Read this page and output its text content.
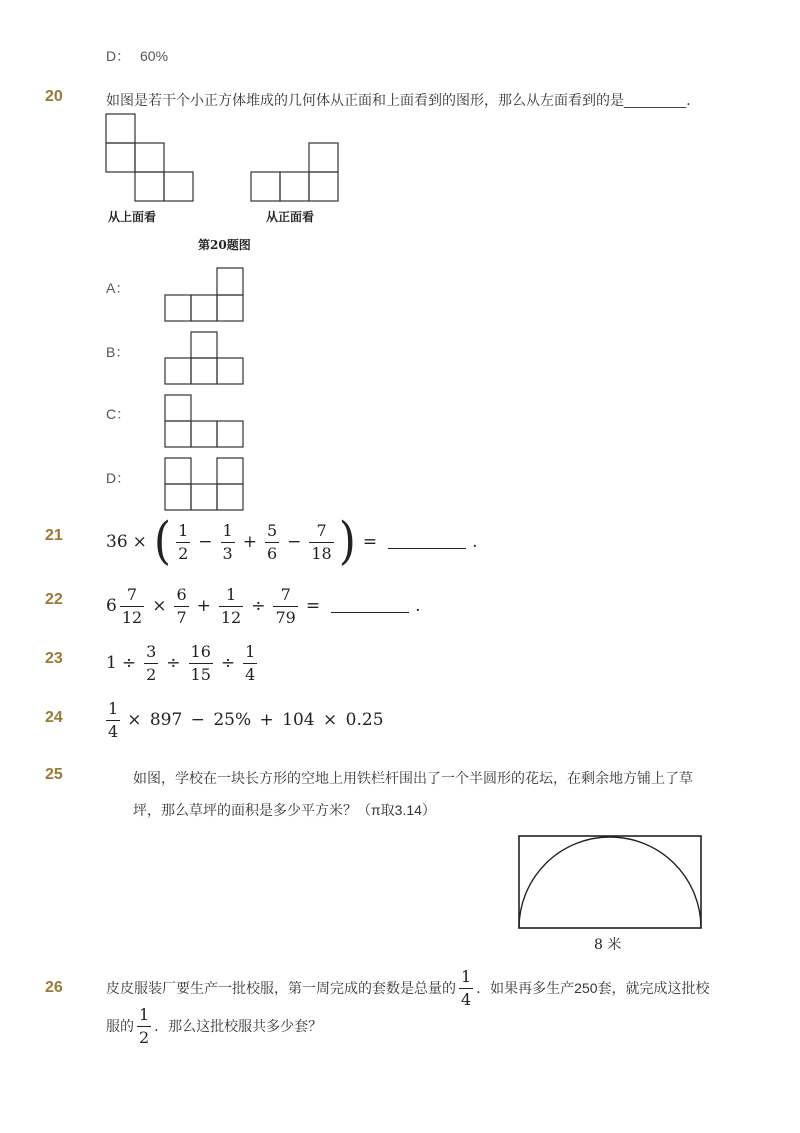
D： 60%
20	如图是若干个小正方体堆成的几何体从正面和上面看到的图形，那么从左面看到的是________．
从上面看	从正面看
第20题图
A：
B：
C：
D：
21	36 × ( $\frac{1}{2} - \frac{1}{3} + \frac{5}{6} - \frac{7}{18}$ ) =	.
22	$6 \frac{7}{12} \times \frac{6}{7} + \frac{1}{12} \div \frac{7}{79}$ =	.
23	$1 \div \frac{3}{2} \div \frac{16}{15} \div \frac{1}{4}$
24	$\frac{1}{4} \times 897 - 25\% + 104 \times 0.25$
25	如图，学校在一块长方形的空地上用铁栏杆围出了一个半圆形的花坛，在剩余地方铺上了草
坪，那么草坪的面积是多少平方米？（π取3.14）
8 米
26	皮皮服装厂要生产一批校服，第一周完成的套数是总量的 $\frac{1}{4}$ ．如果再多生产250套，就完成这批校
服的 $\frac{1}{2}$ ．那么这批校服共多少套？
